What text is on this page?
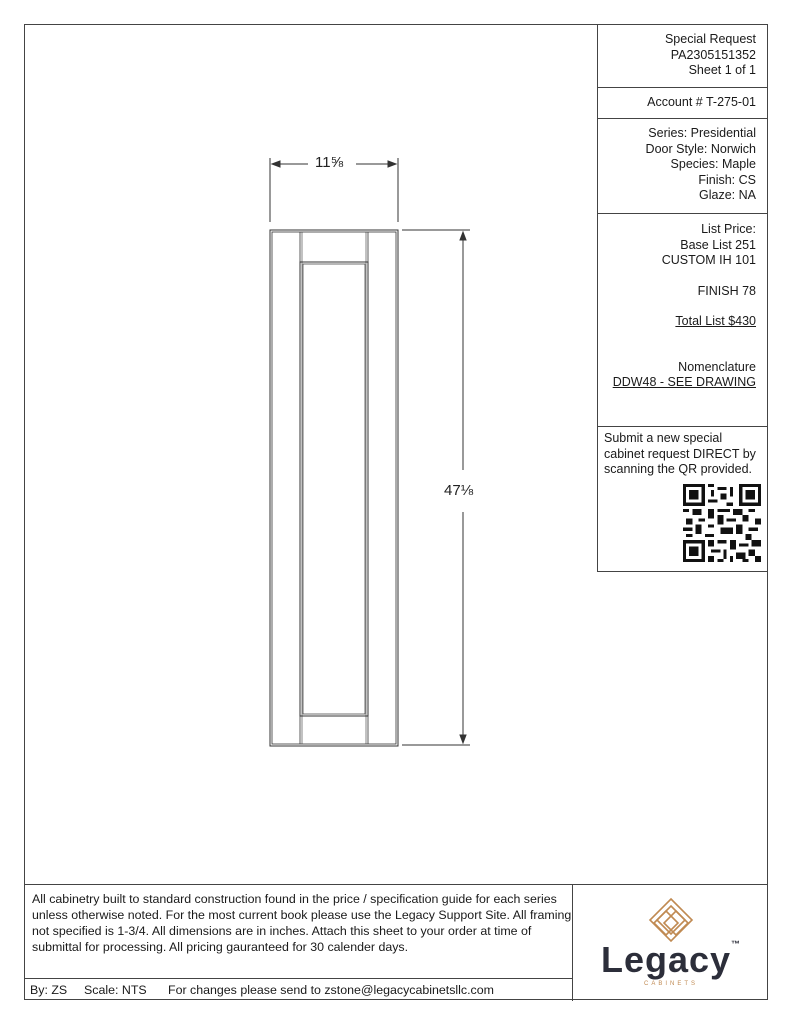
11⅝
47⅛
Special Request
PA2305151352
Sheet 1 of 1
Account # T-275-01
Series: Presidential
Door Style: Norwich
Species: Maple
Finish: CS
Glaze: NA
List Price:
Base List 251
CUSTOM IH 101
FINISH 78
Total List $430
Nomenclature
DDW48 - SEE DRAWING
Submit a new special cabinet request DIRECT by scanning the QR provided.
All cabinetry built to standard construction found in the price / specification guide for each series unless otherwise noted. For the most current book please use the Legacy Support Site. All framing not specified is 1-3/4. All dimensions are in inches. Attach this sheet to your order at time of submittal for processing. All pricing gauranteed for 30 calender days.
By: ZS Scale: NTS For changes please send to zstone@legacycabinetsllc.com
Legacy™
CABINETS
